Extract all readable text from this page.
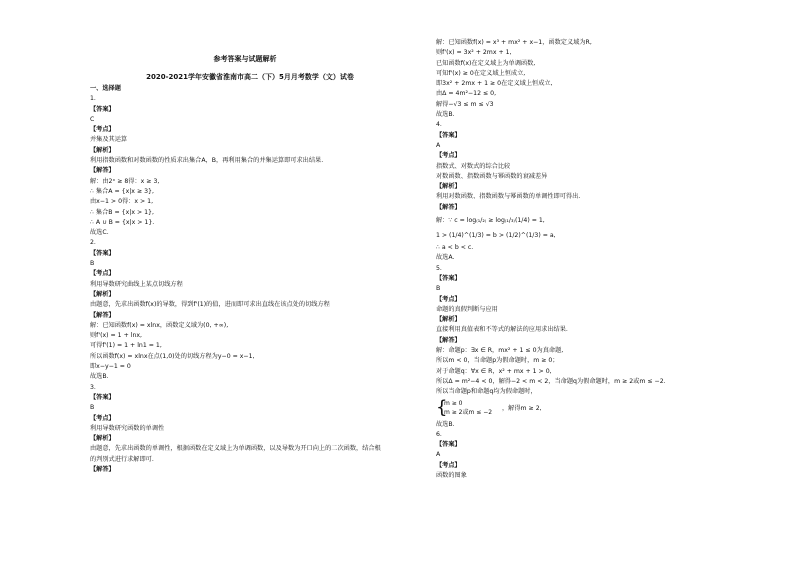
参考答案与试题解析
2020-2021学年安徽省淮南市高二（下）5月月考数学（文）试卷
一、选择题
1.
【答案】
C
【考点】
并集及其运算
【解析】
利用指数函数和对数函数的性质求出集合A，B，再利用集合的并集运算即可求出结果.
【解答】
解：由2ˣ ≥ 8得：x ≥ 3,
∴ 集合A = {x|x ≥ 3},
由x−1 > 0得：x > 1,
∴ 集合B = {x|x > 1},
∴ A ∪ B = {x|x > 1}.
故选C.
2.
【答案】
B
【考点】
利用导数研究曲线上某点切线方程
【解析】
由题意，先求出函数f(x)的导数，得到f'(1)的值，进而即可求出直线在该点处的切线方程
【解答】
解：已知函数f(x) = xlnx，函数定义域为(0, +∞),
则f'(x) = 1 + lnx,
可得f'(1) = 1 + ln1 = 1,
所以函数f(x) = xlnx在点(1,0)处的切线方程为y−0 = x−1,
即x−y−1 = 0
故选B.
3.
【答案】
B
【考点】
利用导数研究函数的单调性
【解析】
由题意，先求出函数的单调性，根据函数在定义域上为单调函数，以及导数为开口向上的二次函数，结合根
的判别式进行求解即可.
【解答】
解：已知函数f(x) = x³ + mx² + x−1，函数定义域为R,
则f'(x) = 3x² + 2mx + 1,
已知函数f(x)在定义域上为单调函数,
可知f'(x) ≥ 0在定义域上恒成立,
即3x² + 2mx + 1 ≥ 0在定义域上恒成立,
由Δ = 4m²−12 ≤ 0,
解得−√3 ≤ m ≤ √3
故选B.
4.
【答案】
A
【考点】
指数式、对数式的综合比较
对数函数、指数函数与幂函数的衰减差异
【解析】
利用对数函数、指数函数与幂函数的单调性即可得出.
【解答】
解：∵ c = log₍₁/₂₎ ≥ log₍₁/₃₎(1/4) = 1,
1 > (1/4)^(1/3) = b > (1/2)^(1/3) = a,
∴ a < b < c.
故选A.
5.
【答案】
B
【考点】
命题的真假判断与应用
【解析】
直接利用真值表和不等式的解法的应用求出结果.
【解答】
解：命题p：∃x ∈ R，mx² + 1 ≤ 0为真命题,
所以m < 0，当命题p为假命题时，m ≥ 0；
对于命题q：∀x ∈ R，x² + mx + 1 > 0,
所以Δ = m²−4 < 0，解得−2 < m < 2，当命题q为假命题时，m ≥ 2或m ≤ −2.
所以当命题p和命题q均为假命题时，
{
m ≥ 0
m ≥ 2或m ≤ −2
，解得m ≥ 2,
故选B.
6.
【答案】
A
【考点】
函数的图象
